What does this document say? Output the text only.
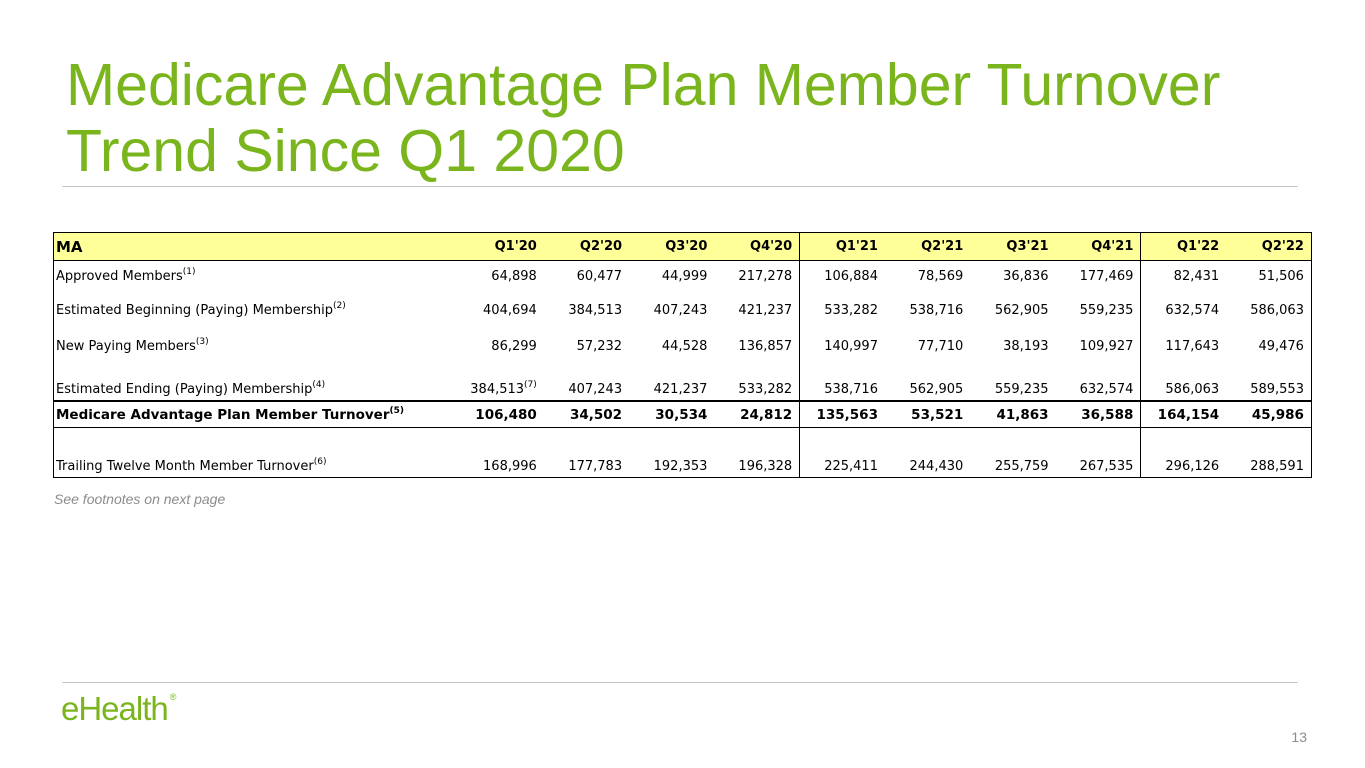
Medicare Advantage Plan Member Turnover
Trend Since Q1 2020
MA	Q1'20	Q2'20	Q3'20	Q4'20	Q1'21	Q2'21	Q3'21	Q4'21	Q1'22	Q2'22
Approved Members$^{(1)}$	64,898	60,477	44,999	217,278	106,884	78,569	36,836	177,469	82,431	51,506
Estimated Beginning (Paying) Membership$^{(2)}$	404,694	384,513	407,243	421,237	533,282	538,716	562,905	559,235	632,574	586,063
New Paying Members$^{(3)}$	86,299	57,232	44,528	136,857	140,997	77,710	38,193	109,927	117,643	49,476
Estimated Ending (Paying) Membership$^{(4)}$	384,513$^{(7)}$	407,243	421,237	533,282	538,716	562,905	559,235	632,574	586,063	589,553
Medicare Advantage Plan Member Turnover$^{(5)}$	106,480	34,502	30,534	24,812	135,563	53,521	41,863	36,588	164,154	45,986
Trailing Twelve Month Member Turnover$^{(6)}$	168,996	177,783	192,353	196,328	225,411	244,430	255,759	267,535	296,126	288,591
See footnotes on next page
eHealth ®
13
